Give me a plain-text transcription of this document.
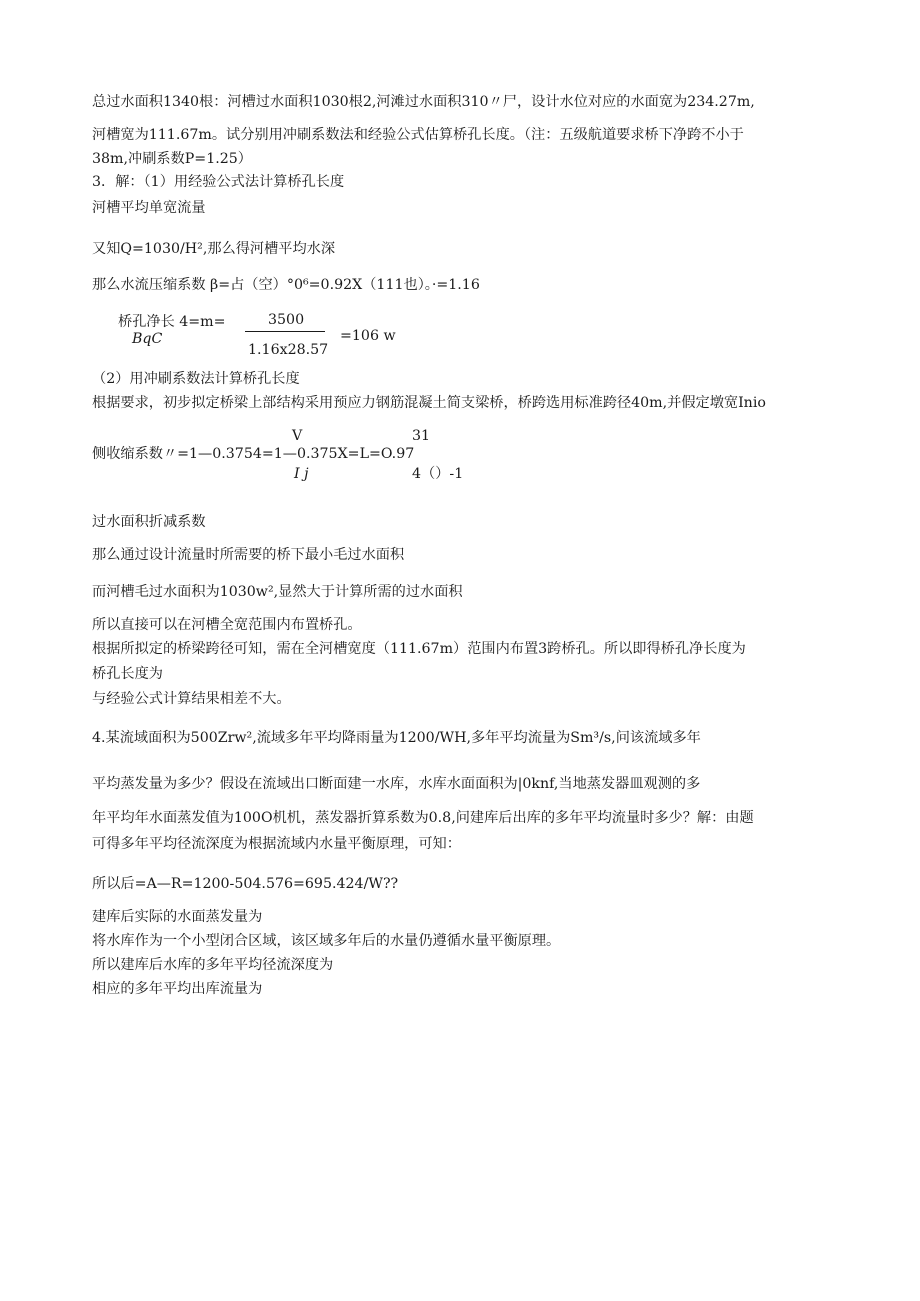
总过水面积1340根：河槽过水面积1030根2,河滩过水面积310〃尸，设计水位对应的水面宽为234.27m,
河槽宽为111.67m。试分别用冲刷系数法和经验公式估算桥孔长度。（注：五级航道要求桥下净跨不小于
38m,冲刷系数P=1.25）
3．解：（1）用经验公式法计算桥孔长度
河槽平均单宽流量
又知Q=1030/H²,那么得河槽平均水深
那么水流压缩系数 β=占（空）°0⁶=0.92X（111也）。·=1.16
桥孔净长 4=m=
BqC
3500
1.16x28.57
=106 w
（2）用冲刷系数法计算桥孔长度
根据要求，初步拟定桥梁上部结构采用预应力钢筋混凝土简支梁桥，桥跨选用标准跨径40m,并假定墩宽Inio
V	31
侧收缩系数〃=1—0.3754=1—0.375X=L=O.97
I j	4（）-1
过水面积折减系数
那么通过设计流量时所需要的桥下最小毛过水面积
而河槽毛过水面积为1030w²,显然大于计算所需的过水面积
所以直接可以在河槽全宽范围内布置桥孔。
根据所拟定的桥梁跨径可知，需在全河槽宽度（111.67m）范围内布置3跨桥孔。所以即得桥孔净长度为
桥孔长度为
与经验公式计算结果相差不大。
4.某流域面积为500Zrw²,流域多年平均降雨量为1200/WH,多年平均流量为Sm³/s,问该流域多年
平均蒸发量为多少？假设在流域出口断面建一水库，水库水面面积为|0knf,当地蒸发器皿观测的多
年平均年水面蒸发值为100O机机，蒸发器折算系数为0.8,问建库后出库的多年平均流量时多少？解：由题
可得多年平均径流深度为根据流域内水量平衡原理，可知：
所以后=A—R=1200-504.576=695.424/W??
建库后实际的水面蒸发量为
将水库作为一个小型闭合区域，该区域多年后的水量仍遵循水量平衡原理。
所以建库后水库的多年平均径流深度为
相应的多年平均出库流量为
